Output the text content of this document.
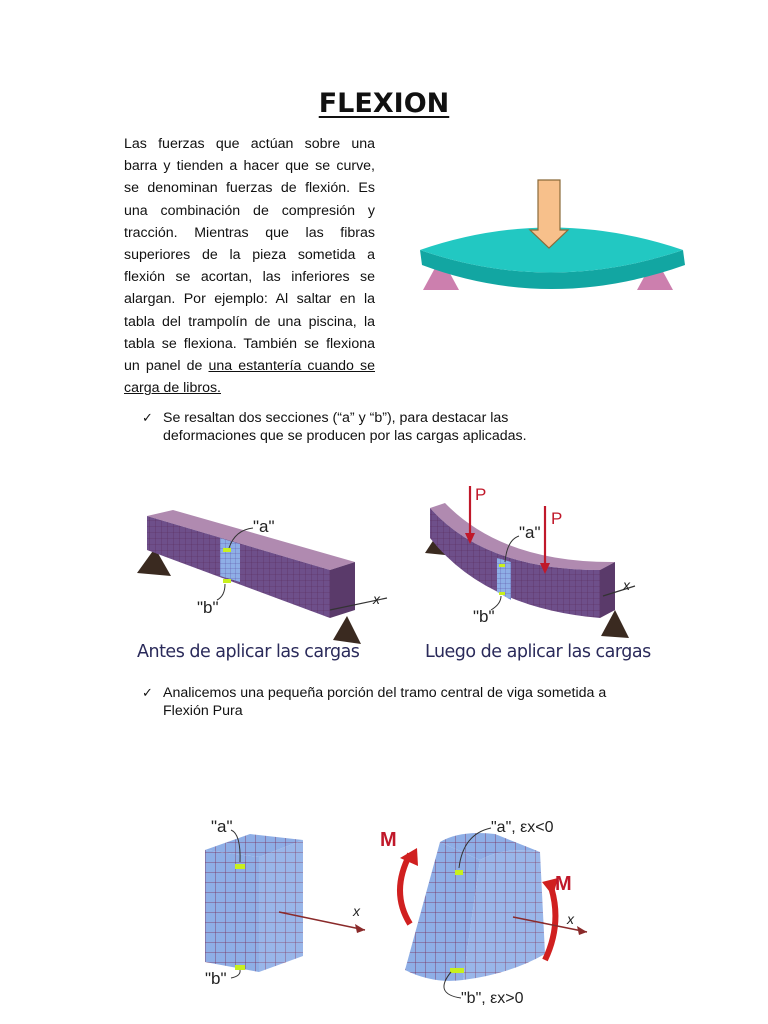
FLEXION

Las fuerzas que actúan sobre una barra y tienden a hacer que se curve, se denominan fuerzas de flexión. Es una combinación de compresión y tracción. Mientras que las fibras superiores de la pieza sometida a flexión se acortan, las inferiores se alargan. Por ejemplo: Al saltar en la tabla del trampolín de una piscina, la tabla se flexiona. También se flexiona un panel de una estantería cuando se carga de libros.

✓ Se resaltan dos secciones (“a” y “b”), para destacar las
deformaciones que se producen por las cargas aplicadas.
"a"
"b"	x
P
P
"a"
"b"
x
Antes de aplicar las cargas	Luego de aplicar las cargas
✓ Analicemos una pequeña porción del tramo central de viga sometida a
Flexión Pura
"a"
"b"
x
M
M
x
"a", εx<0
"b", εx>0
